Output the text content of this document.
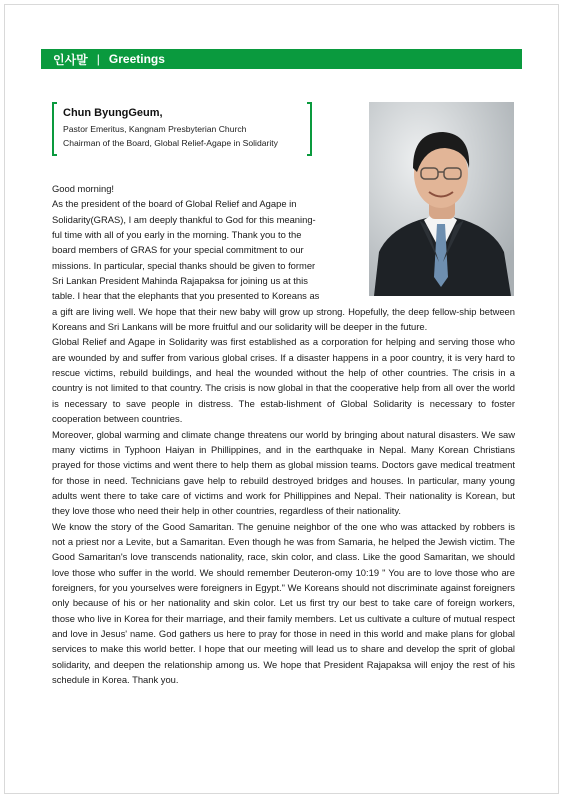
인사말 | Greetings
Chun ByungGeum,
Pastor Emeritus, Kangnam Presbyterian Church
Chairman of the Board, Global Relief-Agape in Solidarity

Good morning!

As the president of the board of Global Relief and Agape in

Solidarity(GRAS), I am deeply thankful to God for this meaning-

ful time with all of you early in the morning. Thank you to the

board members of GRAS for your special commitment to our

missions. In particular, special thanks should be given to former

Sri Lankan President Mahinda Rajapaksa for joining us at this

table. I hear that the elephants that you presented to Koreans as

a gift are living well. We hope that their new baby will grow up strong. Hopefully, the deep fellow-ship between Koreans and Sri Lankans will be more fruitful and our solidarity will be deeper in the future.

Global Relief and Agape in Solidarity was first established as a corporation for helping and serving those who are wounded by and suffer from various global crises. If a disaster happens in a poor country, it is very hard to rescue victims, rebuild buildings, and heal the wounded without the help of other countries. The crisis in a country is not limited to that country. The crisis is now global in that the cooperative help from all over the world is necessary to save people in distress. The estab-lishment of Global Solidarity is necessary to foster cooperation between countries.

Moreover, global warming and climate change threatens our world by bringing about natural disasters. We saw many victims in Typhoon Haiyan in Phillippines, and in the earthquake in Nepal. Many Korean Christians prayed for those victims and went there to help them as global mission teams. Doctors gave medical treatment for those in need. Technicians gave help to rebuild destroyed bridges and houses. In particular, many young adults went there to take care of victims and work for Phillippines and Nepal. Their nationality is Korean, but they love those who need their help in other countries, regardless of their nationality.

We know the story of the Good Samaritan. The genuine neighbor of the one who was attacked by robbers is not a priest nor a Levite, but a Samaritan. Even though he was from Samaria, he helped the Jewish victim. The Good Samaritan's love transcends nationality, race, skin color, and class. Like the good Samaritan, we should love those who suffer in the world. We should remember Deuteron-omy 10:19 " You are to love those who are foreigners, for you yourselves were foreigners in Egypt." We Koreans should not discriminate against foreigners only because of his or her nationality and skin color. Let us first try our best to take care of foreign workers, those who live in Korea for their marriage, and their family members. Let us cultivate a culture of mutual respect and love in Jesus' name. God gathers us here to pray for those in need in this world and make plans for global services to make this world better. I hope that our meeting will lead us to share and develop the sprit of global solidarity, and deepen the relationship among us. We hope that President Rajapaksa will enjoy the rest of his schedule in Korea. Thank you.
